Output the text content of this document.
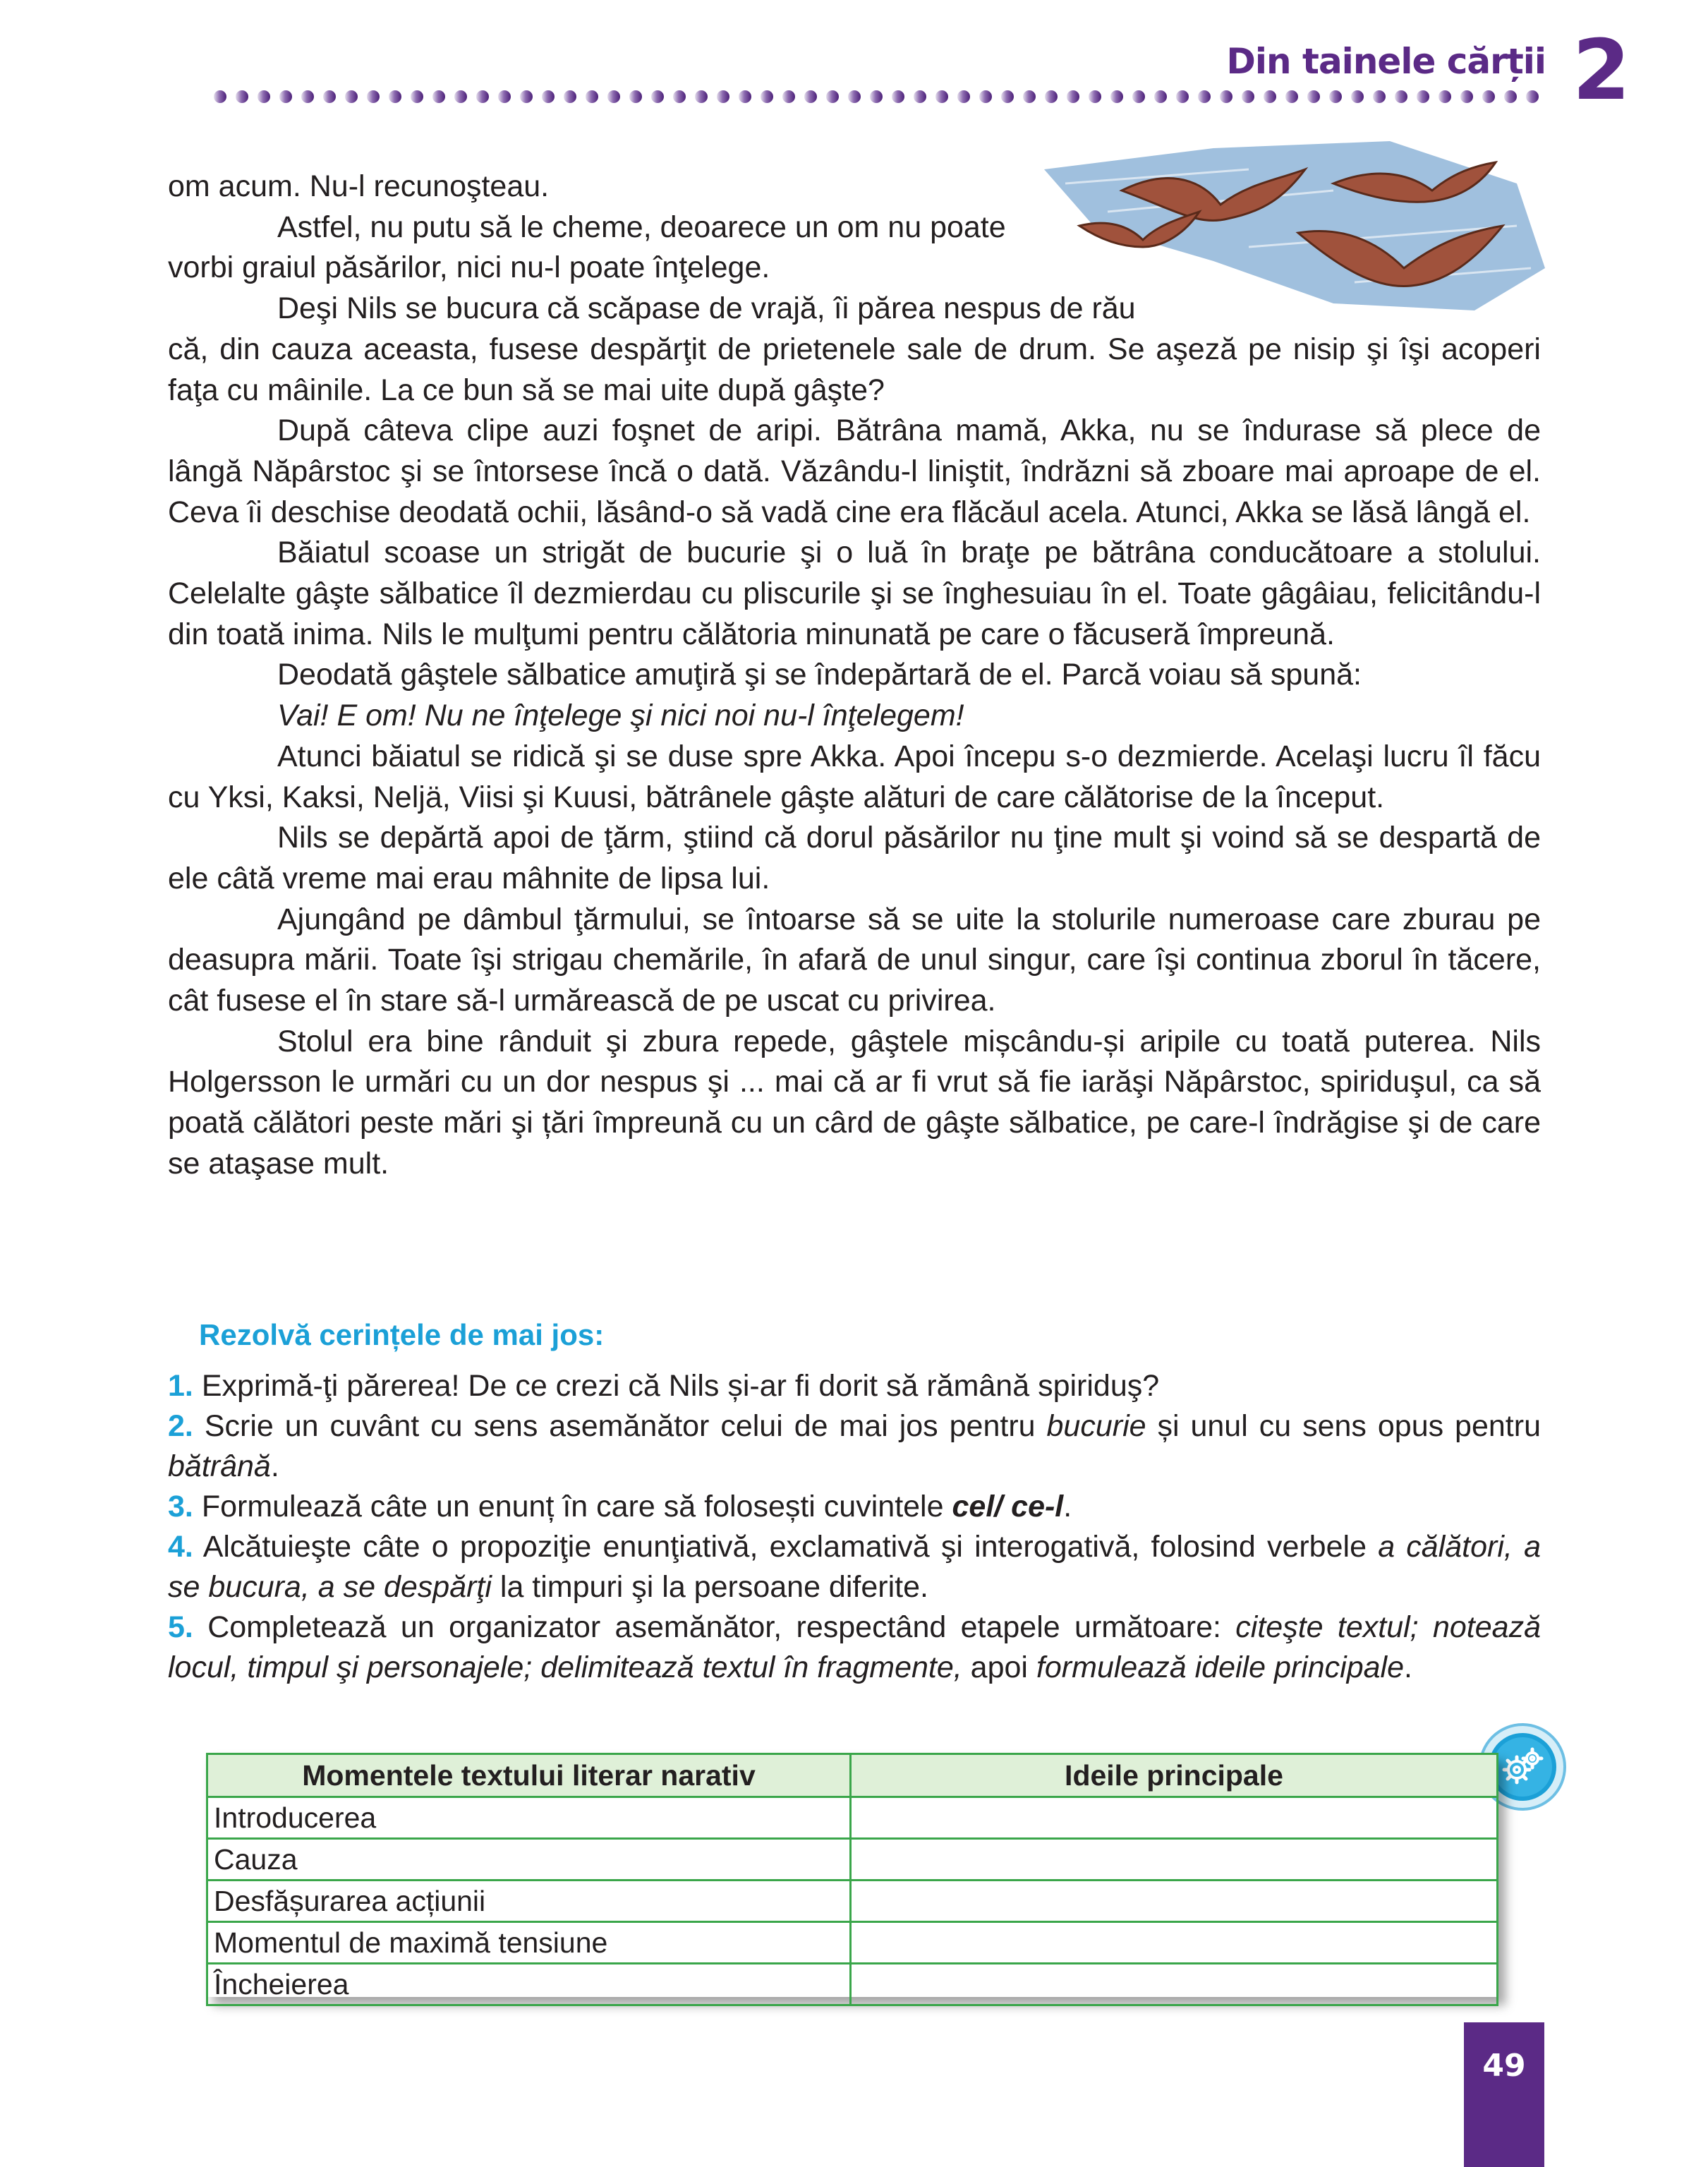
Din tainele cărții 2

om acum. Nu-l recunoşteau.

Astfel, nu putu să le cheme, deoarece un om nu poate

vorbi graiul păsărilor, nici nu-l poate înţelege.

Deşi Nils se bucura că scăpase de vrajă, îi părea nespus de rău

că, din cauza aceasta, fusese despărţit de prietenele sale de drum. Se aşeză pe nisip şi îşi acoperi faţa cu mâinile. La ce bun să se mai uite după gâşte?

După câteva clipe auzi foşnet de aripi. Bătrâna mamă, Akka, nu se îndurase să plece de lângă Năpârstoc şi se întorsese încă o dată. Văzându-l liniştit, îndrăzni să zboare mai aproape de el. Ceva îi deschise deodată ochii, lăsând-o să vadă cine era flăcăul acela. Atunci, Akka se lăsă lângă el.

Băiatul scoase un strigăt de bucurie şi o luă în braţe pe bătrâna conducătoare a stolului. Celelalte gâşte sălbatice îl dezmierdau cu pliscurile şi se înghesuiau în el. Toate gâgâiau, felicitându-l din toată inima. Nils le mulţumi pentru călătoria minunată pe care o făcuseră împreună.

Deodată gâştele sălbatice amuţiră şi se îndepărtară de el. Parcă voiau să spună:

Vai! E om! Nu ne înţelege şi nici noi nu-l înţelegem!

Atunci băiatul se ridică şi se duse spre Akka. Apoi începu s-o dezmierde. Acelaşi lucru îl făcu cu Yksi, Kaksi, Neljä, Viisi şi Kuusi, bătrânele gâşte alături de care călătorise de la început.

Nils se depărtă apoi de ţărm, ştiind că dorul păsărilor nu ţine mult şi voind să se despartă de ele câtă vreme mai erau mâhnite de lipsa lui.

Ajungând pe dâmbul ţărmului, se întoarse să se uite la stolurile numeroase care zburau pe deasupra mării. Toate îşi strigau chemările, în afară de unul singur, care îşi continua zborul în tăcere, cât fusese el în stare să-l urmărească de pe uscat cu privirea.

Stolul era bine rânduit şi zbura repede, gâştele mișcându-și aripile cu toată puterea. Nils Holgersson le urmări cu un dor nespus şi ... mai că ar fi vrut să fie iarăşi Năpârstoc, spiriduşul, ca să poată călători peste mări şi țări împreună cu un cârd de gâşte sălbatice, pe care-l îndrăgise şi de care se ataşase mult.

Rezolvă cerințele de mai jos:

1. Exprimă-ţi părerea! De ce crezi că Nils și-ar fi dorit să rămână spiriduş?

2. Scrie un cuvânt cu sens asemănător celui de mai jos pentru bucurie și unul cu sens opus pentru bătrână.

3. Formulează câte un enunț în care să folosești cuvintele cel/ ce-l.

4. Alcătuieşte câte o propoziţie enunţiativă, exclamativă şi interogativă, folosind verbele a călători, a se bucura, a se despărţi la timpuri şi la persoane diferite.

5. Completează un organizator asemănător, respectând etapele următoare: citeşte textul; notează locul, timpul şi personajele; delimitează textul în fragmente, apoi formulează ideile principale.

Momentele textului literar narativ	Ideile principale
Introducerea	
Cauza	
Desfășurarea acțiunii	
Momentul de maximă tensiune	
Încheierea	
49
